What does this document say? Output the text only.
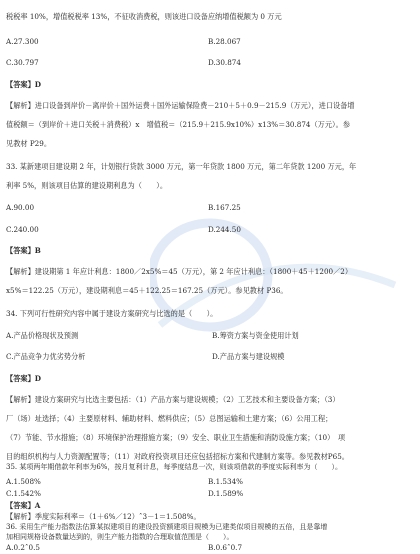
税税率 10%，增值税税率 13%，不征收消费税，则该进口设备应纳增值税额为 0 万元
A.27.300	B.28.067
C.30.797	D.30.874
【答案】D
【解析】进口设备到岸价－离岸价＋国外运费＋国外运输保险费－210＋5＋0.9－215.9（万元），进口设备增
值税额＝（到岸价＋进口关税＋消费税）x　增值税＝（215.9＋215.9x10%）x13%＝30.874（万元）。参
见教材 P29。
33. 某新建项目建设期 2 年，计划银行贷款 3000 万元，第一年贷款 1800 万元，第二年贷款 1200 万元，年
利率 5%，则该项目估算的建设期利息为（　　）。
A.90.00	B.167.25
C.240.00	D.244.50
【答案】B
【解析】建设期第 1 年应计利息：1800／2x5%＝45（万元），第 2 年应计利息：（1800＋45＋1200／2）
x5%＝122.25（万元），建设期利息＝45＋122.25＝167.25（万元）。参见教材 P36。
34. 下列可行性研究内容中属于建设方案研究与比选的是（　　）。
A.产品价格现状及预测	B.筹资方案与资金使用计划
C.产品竞争力优劣势分析	D.产品方案与建设规模
【答案】D
【解析】建设方案研究与比选主要包括：（1）产品方案与建设规模；（2）工艺技术和主要设备方案；（3）
厂（场）址选择；（4）主要原材料、辅助材料、燃料供应；（5）总图运输和土建方案；（6）公用工程；
（7）节能、节水措施；（8）环境保护治理措施方案；（9）安全、职业卫生措施和消防设施方案；（10）　项
目的组织机构与人力资源配置等；（11）对政府投资项目还应包括招标方案和代建制方案等。参见教材P65。
35. 某项两年期借款年利率为6%，按月复利计息，每季度结息一次，则该项借款的季度实际利率为（　　）。
A.1.508%	B.1.534%
C.1.542%	D.1.589%
【答案】A
【解析】季度实际利率＝（1＋6%／12）ˆ3－1＝1.508%。
36. 采用生产能力指数法估算某拟建项目的建设投资额建项目规模为已建类似项目规模的五倍，且是靠增
加相同规格设备数量达到的，则生产能力指数的合理取值范围是（　　）。
A.0.2ˆ0.5	B.0.6ˆ0.7
